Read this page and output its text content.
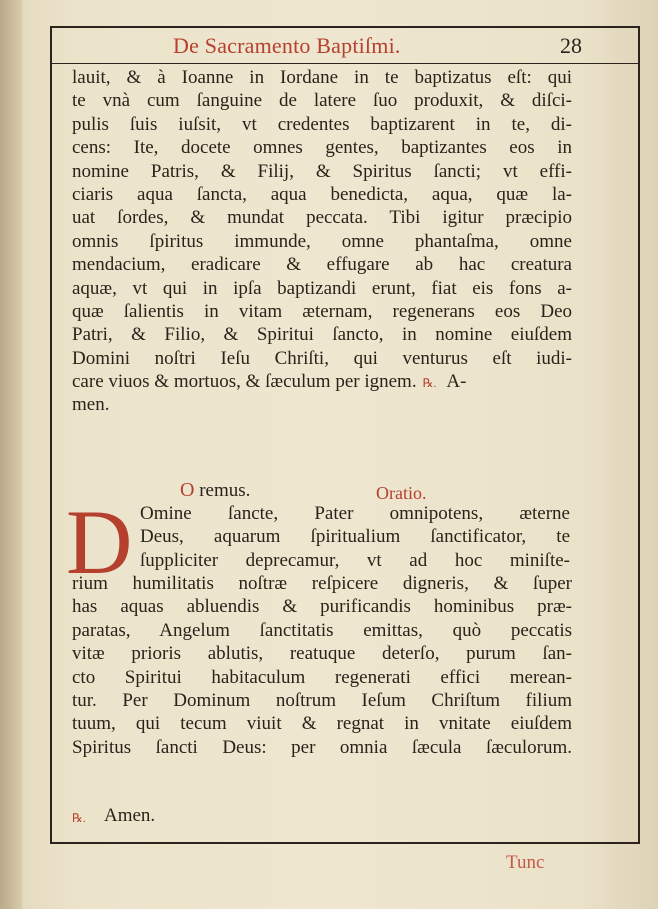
De Sacramento Baptiſmi.	28
lauit, & à Ioanne in Iordane in te baptizatus eſt: qui
te vnà cum ſanguine de latere ſuo produxit, & diſci-
pulis ſuis iuſsit, vt credentes baptizarent in te, di-
cens: Ite, docete omnes gentes, baptizantes eos in
nomine Patris, & Filij, & Spiritus ſancti; vt effi-
ciaris aqua ſancta, aqua benedicta, aqua, quæ la-
uat ſordes, & mundat peccata. Tibi igitur præcipio
omnis ſpiritus immunde, omne phantaſma, omne
mendacium, eradicare & effugare ab hac creatura
aquæ, vt qui in ipſa baptizandi erunt, fiat eis fons a-
quæ ſalientis in vitam æternam, regenerans eos Deo
Patri, & Filio, & Spiritui ſancto, in nomine eiuſdem
Domini noſtri Ieſu Chriſti, qui venturus eſt iudi-
care viuos & mortuos, & ſæculum per ignem. ℞. A-
men.
O remus.	Oratio.
D Omine ſancte, Pater omnipotens, æterne
Deus, aquarum ſpiritualium ſanctificator, te
ſuppliciter deprecamur, vt ad hoc miniſte-
rium humilitatis noſtræ reſpicere digneris, & ſuper
has aquas abluendis & purificandis hominibus præ-
paratas, Angelum ſanctitatis emittas, quò peccatis
vitæ prioris ablutis, reatuque deterſo, purum ſan-
cto Spiritui habitaculum regenerati effici merean-
tur. Per Dominum noſtrum Ieſum Chriſtum filium
tuum, qui tecum viuit & regnat in vnitate eiuſdem
Spiritus ſancti Deus: per omnia ſæcula ſæculorum.
℞. Amen.
Tunc
